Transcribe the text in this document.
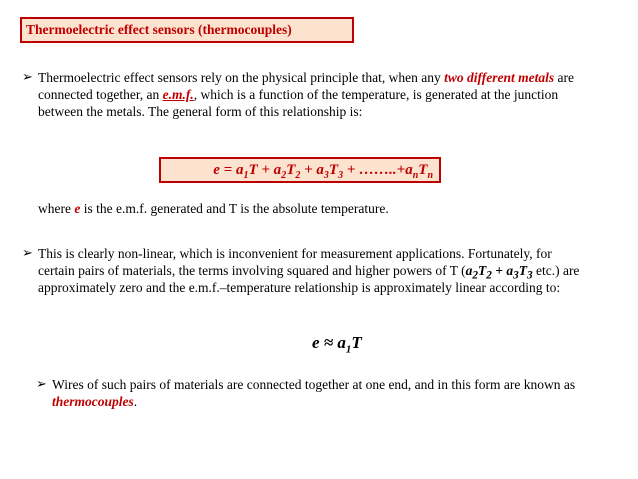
Thermoelectric effect sensors (thermocouples)
➢ Thermoelectric effect sensors rely on the physical principle that, when any two different metals are connected together, an e.m.f., which is a function of the temperature, is generated at the junction between the metals. The general form of this relationship is:
$e = a_1T + a_2T_2 + a_3T_3$ + $\dots\dots..+a_nT_n$
where e is the e.m.f. generated and T is the absolute temperature.
➢ This is clearly non-linear, which is inconvenient for measurement applications. Fortunately, for certain pairs of materials, the terms involving squared and higher powers of T ($a_2T_2 + a_3T_3$ etc.) are approximately zero and the e.m.f.–temperature relationship is approximately linear according to:
$e \approx a_1T$
➢ Wires of such pairs of materials are connected together at one end, and in this form are known as thermocouples.
